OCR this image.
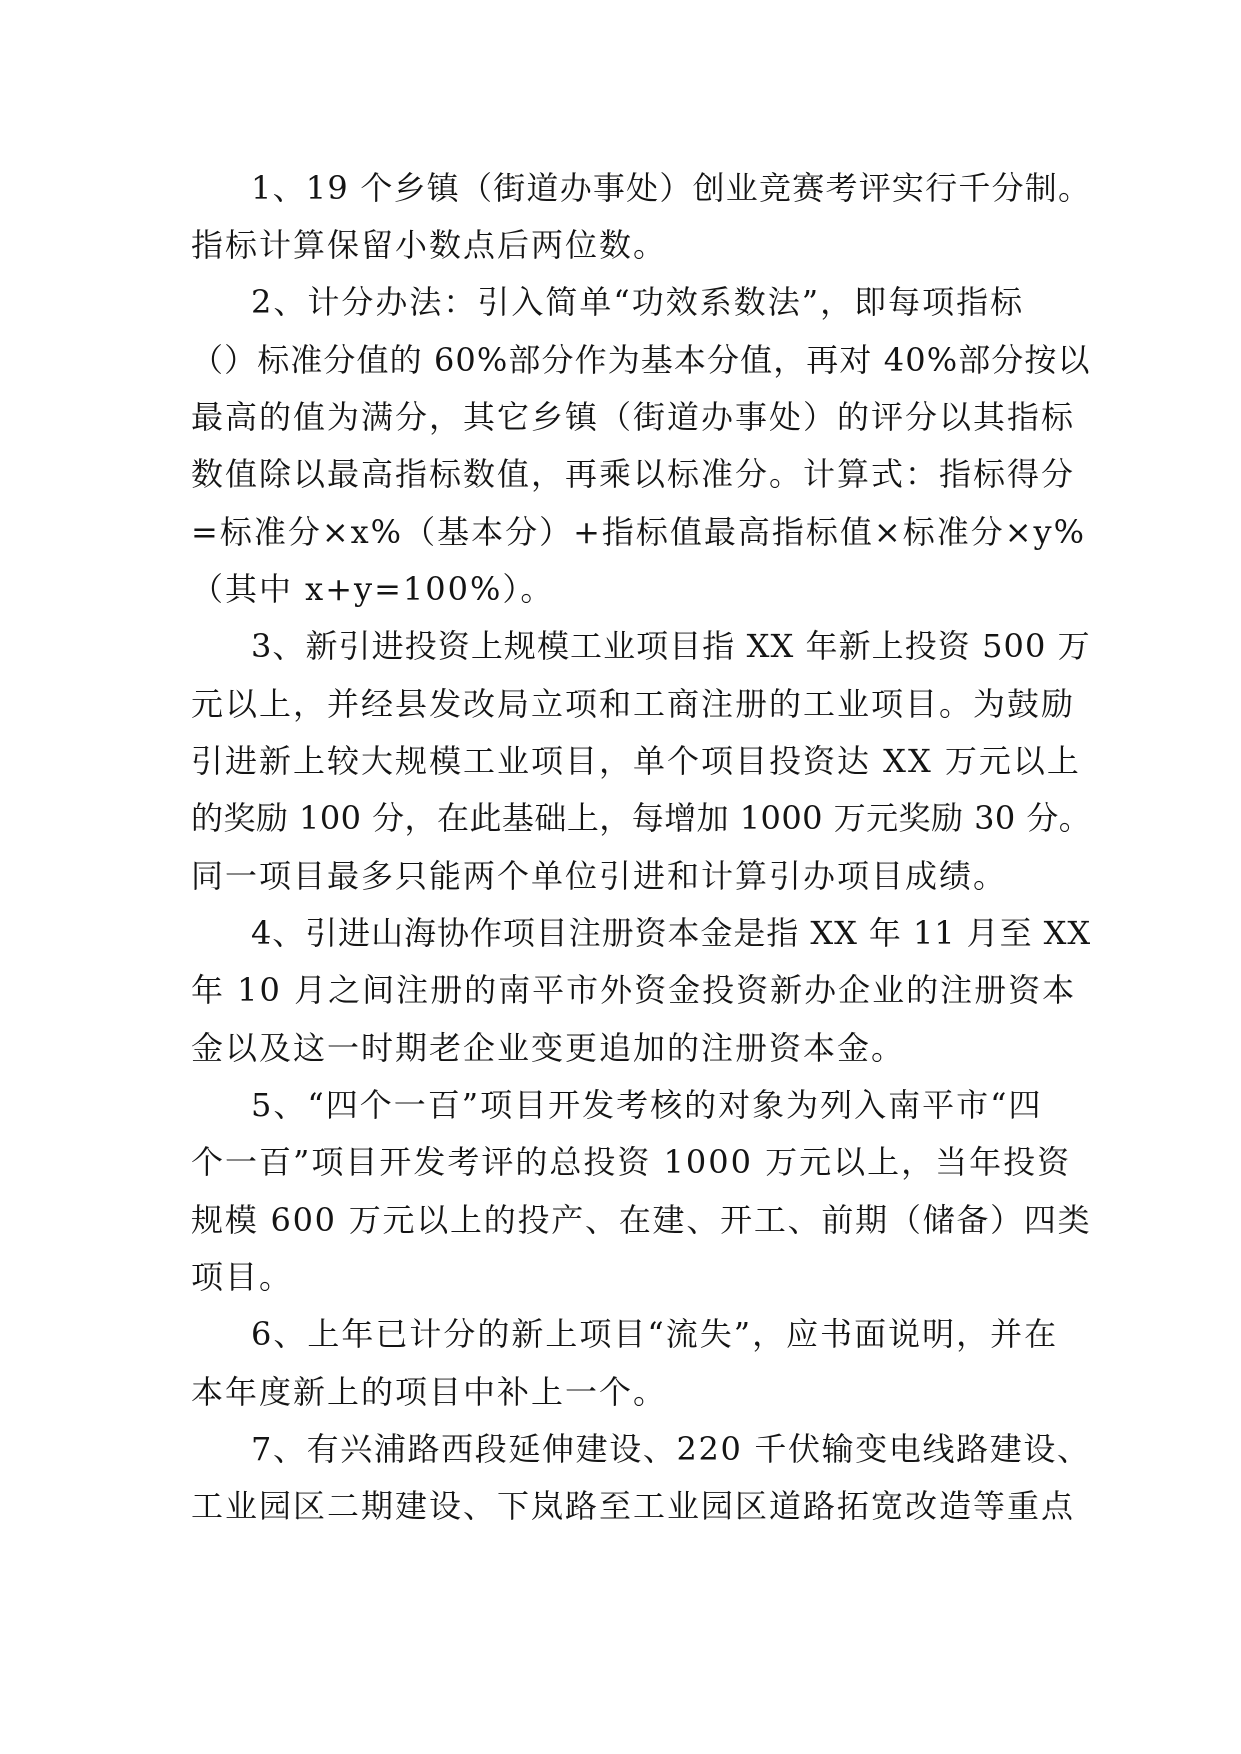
1、19 个乡镇（街道办事处）创业竞赛考评实行千分制。

指标计算保留小数点后两位数。

2、计分办法：引入简单“功效系数法”，即每项指标

（）标准分值的 60%部分作为基本分值，再对 40%部分按以

最高的值为满分，其它乡镇（街道办事处）的评分以其指标

数值除以最高指标数值，再乘以标准分。计算式：指标得分

=标准分×x%（基本分）+指标值最高指标值×标准分×y%

（其中 x+y=100%）。

3、新引进投资上规模工业项目指 XX 年新上投资 500 万

元以上，并经县发改局立项和工商注册的工业项目。为鼓励

引进新上较大规模工业项目，单个项目投资达 XX 万元以上

的奖励 100 分，在此基础上，每增加 1000 万元奖励 30 分。

同一项目最多只能两个单位引进和计算引办项目成绩。

4、引进山海协作项目注册资本金是指 XX 年 11 月至 XX

年 10 月之间注册的南平市外资金投资新办企业的注册资本

金以及这一时期老企业变更追加的注册资本金。

5、“四个一百”项目开发考核的对象为列入南平市“四

个一百”项目开发考评的总投资 1000 万元以上，当年投资

规模 600 万元以上的投产、在建、开工、前期（储备）四类

项目。

6、上年已计分的新上项目“流失”，应书面说明，并在

本年度新上的项目中补上一个。

7、有兴浦路西段延伸建设、220 千伏输变电线路建设、

工业园区二期建设、下岚路至工业园区道路拓宽改造等重点
